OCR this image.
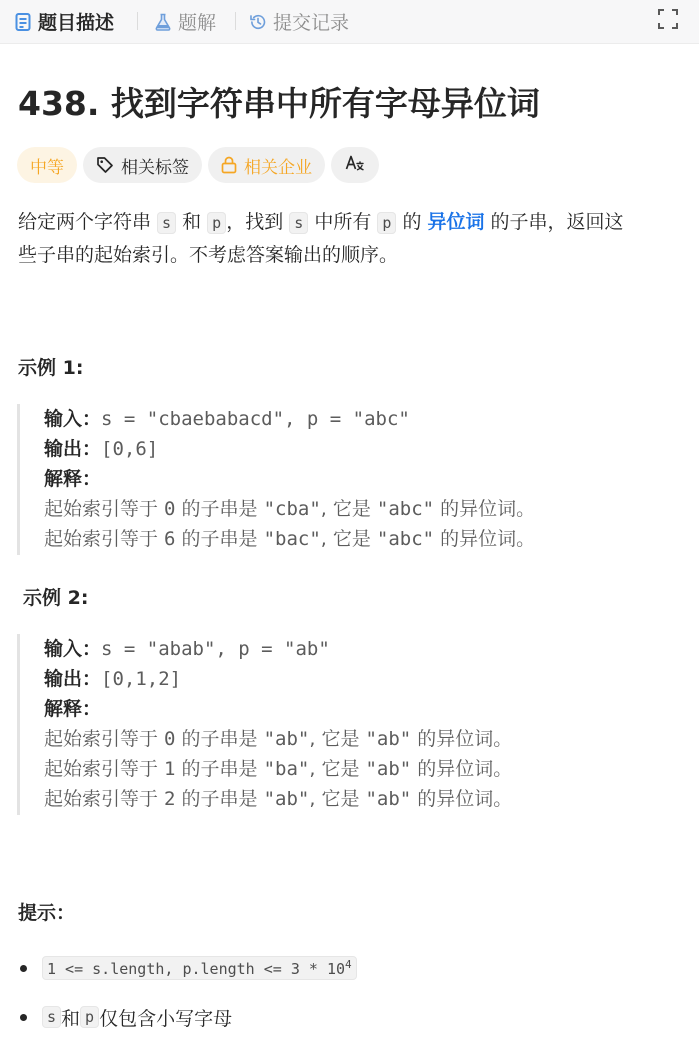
题目描述	题解	提交记录
438. 找到字符串中所有字母异位词
中等	相关标签	相关企业
给定两个字符串 s 和 p ，找到 s 中所有 p 的 异位词 的子串，返回这
些子串的起始索引。不考虑答案输出的顺序。
示例 1:
输入：s = "cbaebabacd", p = "abc"
输出：[0,6]
解释：
起始索引等于 0 的子串是 "cba", 它是 "abc" 的异位词。
起始索引等于 6 的子串是 "bac", 它是 "abc" 的异位词。
示例 2:
输入：s = "abab", p = "ab"
输出：[0,1,2]
解释：
起始索引等于 0 的子串是 "ab", 它是 "ab" 的异位词。
起始索引等于 1 的子串是 "ba", 它是 "ab" 的异位词。
起始索引等于 2 的子串是 "ab", 它是 "ab" 的异位词。
提示：
1 <= s.length, p.length <= $3 * 10^4$
s 和 p 仅包含小写字母
